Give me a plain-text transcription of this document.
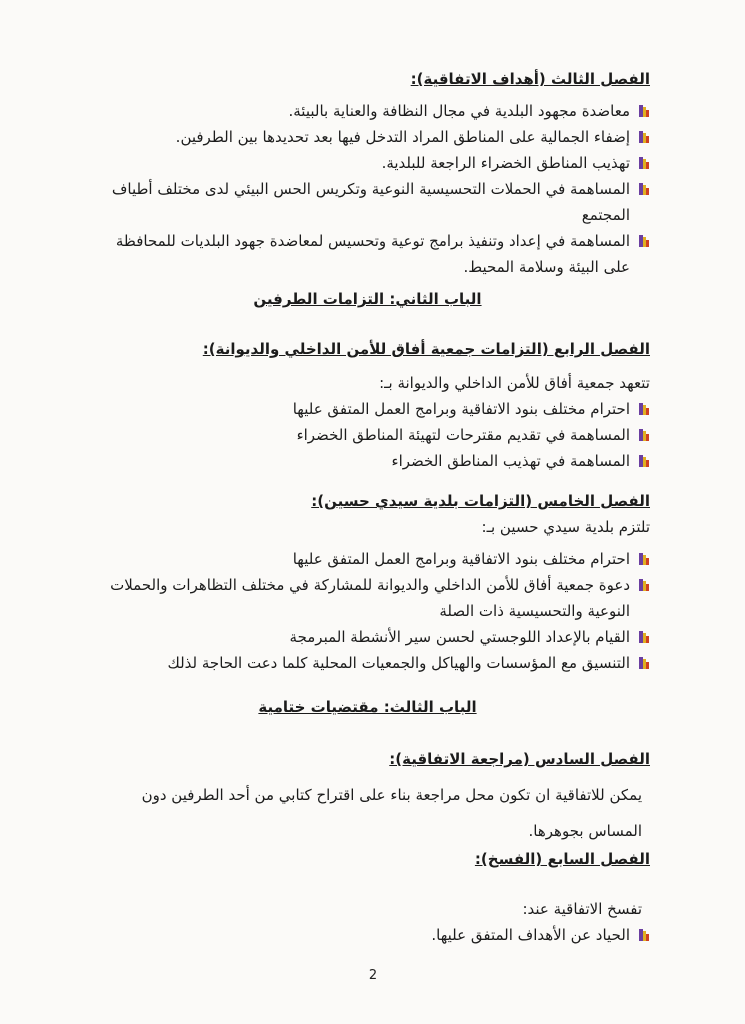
الفصل الثالث (أهداف الاتفاقية):

معاضدة مجهود البلدية في مجال النظافة والعناية بالبيئة.
إضفاء الجمالية على المناطق المراد التدخل فيها بعد تحديدها بين الطرفين.
تهذيب المناطق الخضراء الراجعة للبلدية.
المساهمة في الحملات التحسيسية النوعية وتكريس الحس البيئي لدى مختلف أطياف المجتمع
المساهمة في إعداد وتنفيذ برامج توعية وتحسيس لمعاضدة جهود البلديات للمحافظة على البيئة وسلامة المحيط.

الباب الثاني: التزامات الطرفين

الفصل الرابع (التزامات جمعية أفاق للأمن الداخلي والديوانة):

تتعهد جمعية أفاق للأمن الداخلي والديوانة بـ:

احترام مختلف بنود الاتفاقية وبرامج العمل المتفق عليها
المساهمة في تقديم مقترحات لتهيئة المناطق الخضراء
المساهمة في تهذيب المناطق الخضراء

الفصل الخامس (التزامات بلدية سيدي حسين):

تلتزم بلدية سيدي حسين بـ:

احترام مختلف بنود الاتفاقية وبرامج العمل المتفق عليها
دعوة جمعية أفاق للأمن الداخلي والديوانة للمشاركة في مختلف التظاهرات والحملات النوعية والتحسيسية ذات الصلة
القيام بالإعداد اللوجستي لحسن سير الأنشطة المبرمجة
التنسيق مع المؤسسات والهياكل والجمعيات المحلية كلما دعت الحاجة لذلك

الباب الثالث: مقتضيات ختامية

الفصل السادس (مراجعة الاتفاقية):

يمكن للاتفاقية ان تكون محل مراجعة بناء على اقتراح كتابي من أحد الطرفين دون

المساس بجوهرها.

الفصل السابع (الفسخ):

تفسخ الاتفاقية عند:

الحياد عن الأهداف المتفق عليها.
2
